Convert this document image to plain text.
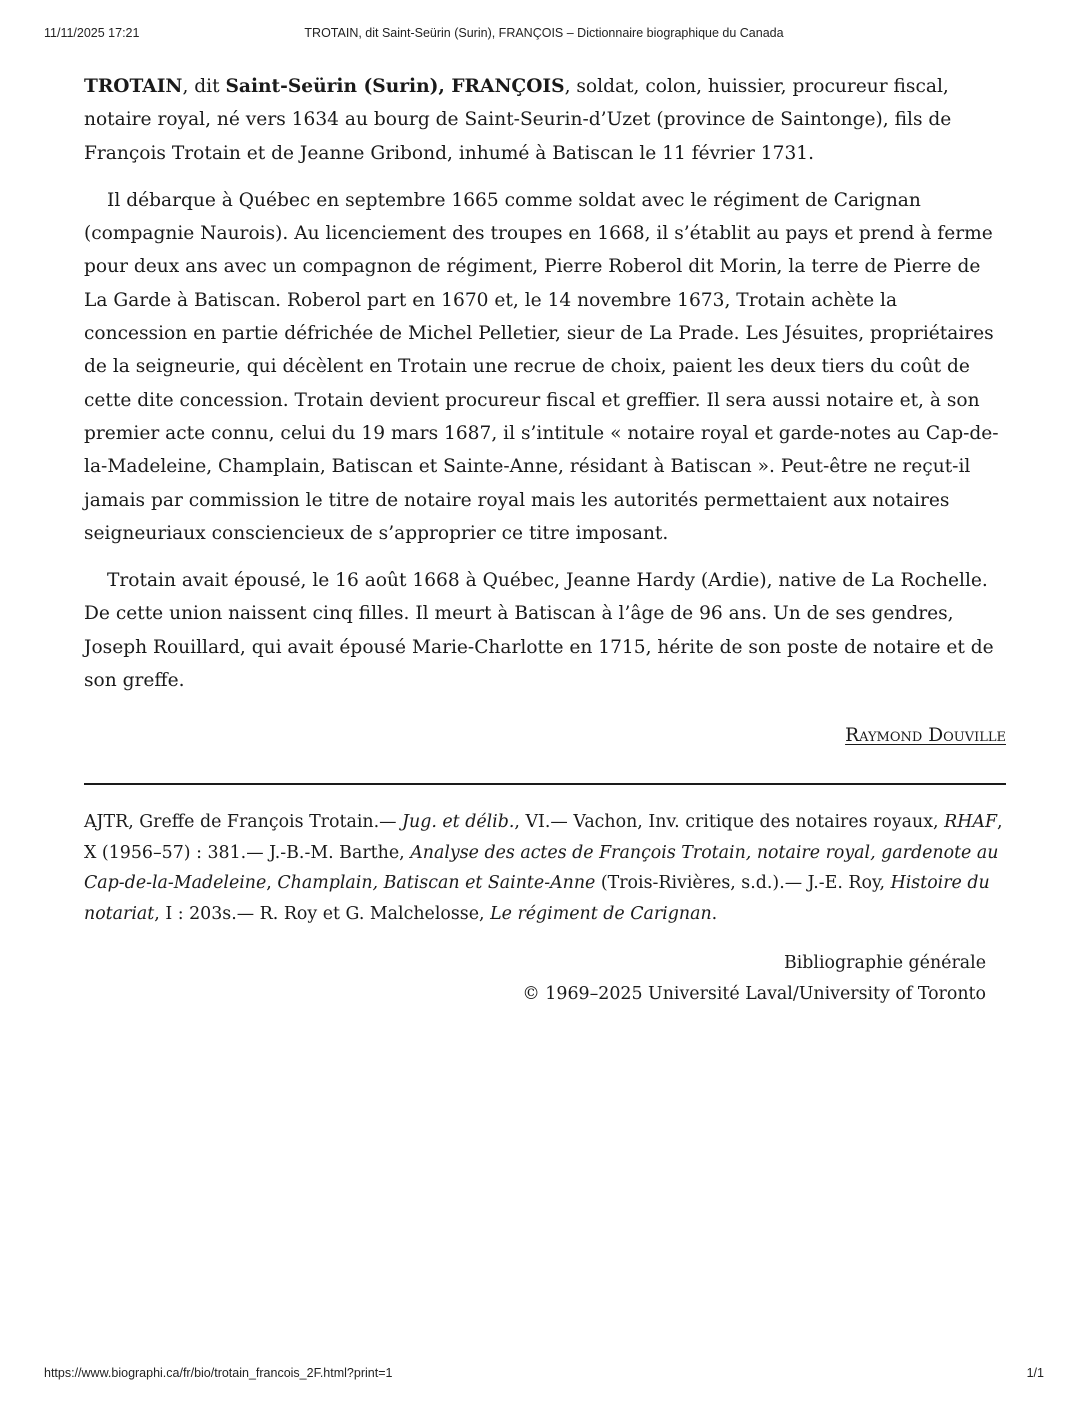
11/11/2025 17:21	TROTAIN, dit Saint-Seürin (Surin), FRANÇOIS – Dictionnaire biographique du Canada

TROTAIN, dit Saint-Seürin (Surin), FRANÇOIS, soldat, colon, huissier, procureur fiscal, notaire royal, né vers 1634 au bourg de Saint-Seurin-d’Uzet (province de Saintonge), fils de François Trotain et de Jeanne Gribond, inhumé à Batiscan le 11 février 1731.

Il débarque à Québec en septembre 1665 comme soldat avec le régiment de Carignan (compagnie Naurois). Au licenciement des troupes en 1668, il s’établit au pays et prend à ferme pour deux ans avec un compagnon de régiment, Pierre Roberol dit Morin, la terre de Pierre de La Garde à Batiscan. Roberol part en 1670 et, le 14 novembre 1673, Trotain achète la concession en partie défrichée de Michel Pelletier, sieur de La Prade. Les Jésuites, propriétaires de la seigneurie, qui décèlent en Trotain une recrue de choix, paient les deux tiers du coût de cette dite concession. Trotain devient procureur fiscal et greffier. Il sera aussi notaire et, à son premier acte connu, celui du 19 mars 1687, il s’intitule « notaire royal et garde-notes au Cap-de-la-Madeleine, Champlain, Batiscan et Sainte-Anne, résidant à Batiscan ». Peut-être ne reçut-il jamais par commission le titre de notaire royal mais les autorités permettaient aux notaires seigneuriaux consciencieux de s’approprier ce titre imposant.

Trotain avait épousé, le 16 août 1668 à Québec, Jeanne Hardy (Ardie), native de La Rochelle. De cette union naissent cinq filles. Il meurt à Batiscan à l’âge de 96 ans. Un de ses gendres, Joseph Rouillard, qui avait épousé Marie-Charlotte en 1715, hérite de son poste de notaire et de son greffe.

Raymond Douville
AJTR, Greffe de François Trotain.— Jug. et délib., VI.— Vachon, Inv. critique des notaires royaux, RHAF, X (1956–57) : 381.— J.-B.-M. Barthe, Analyse des actes de François Trotain, notaire royal, gardenote au Cap-de-la-Madeleine, Champlain, Batiscan et Sainte-Anne (Trois-Rivières, s.d.).— J.-E. Roy, Histoire du notariat, I : 203s.— R. Roy et G. Malchelosse, Le régiment de Carignan.
Bibliographie générale
© 1969–2025 Université Laval/University of Toronto
https://www.biographi.ca/fr/bio/trotain_francois_2F.html?print=1	1/1
